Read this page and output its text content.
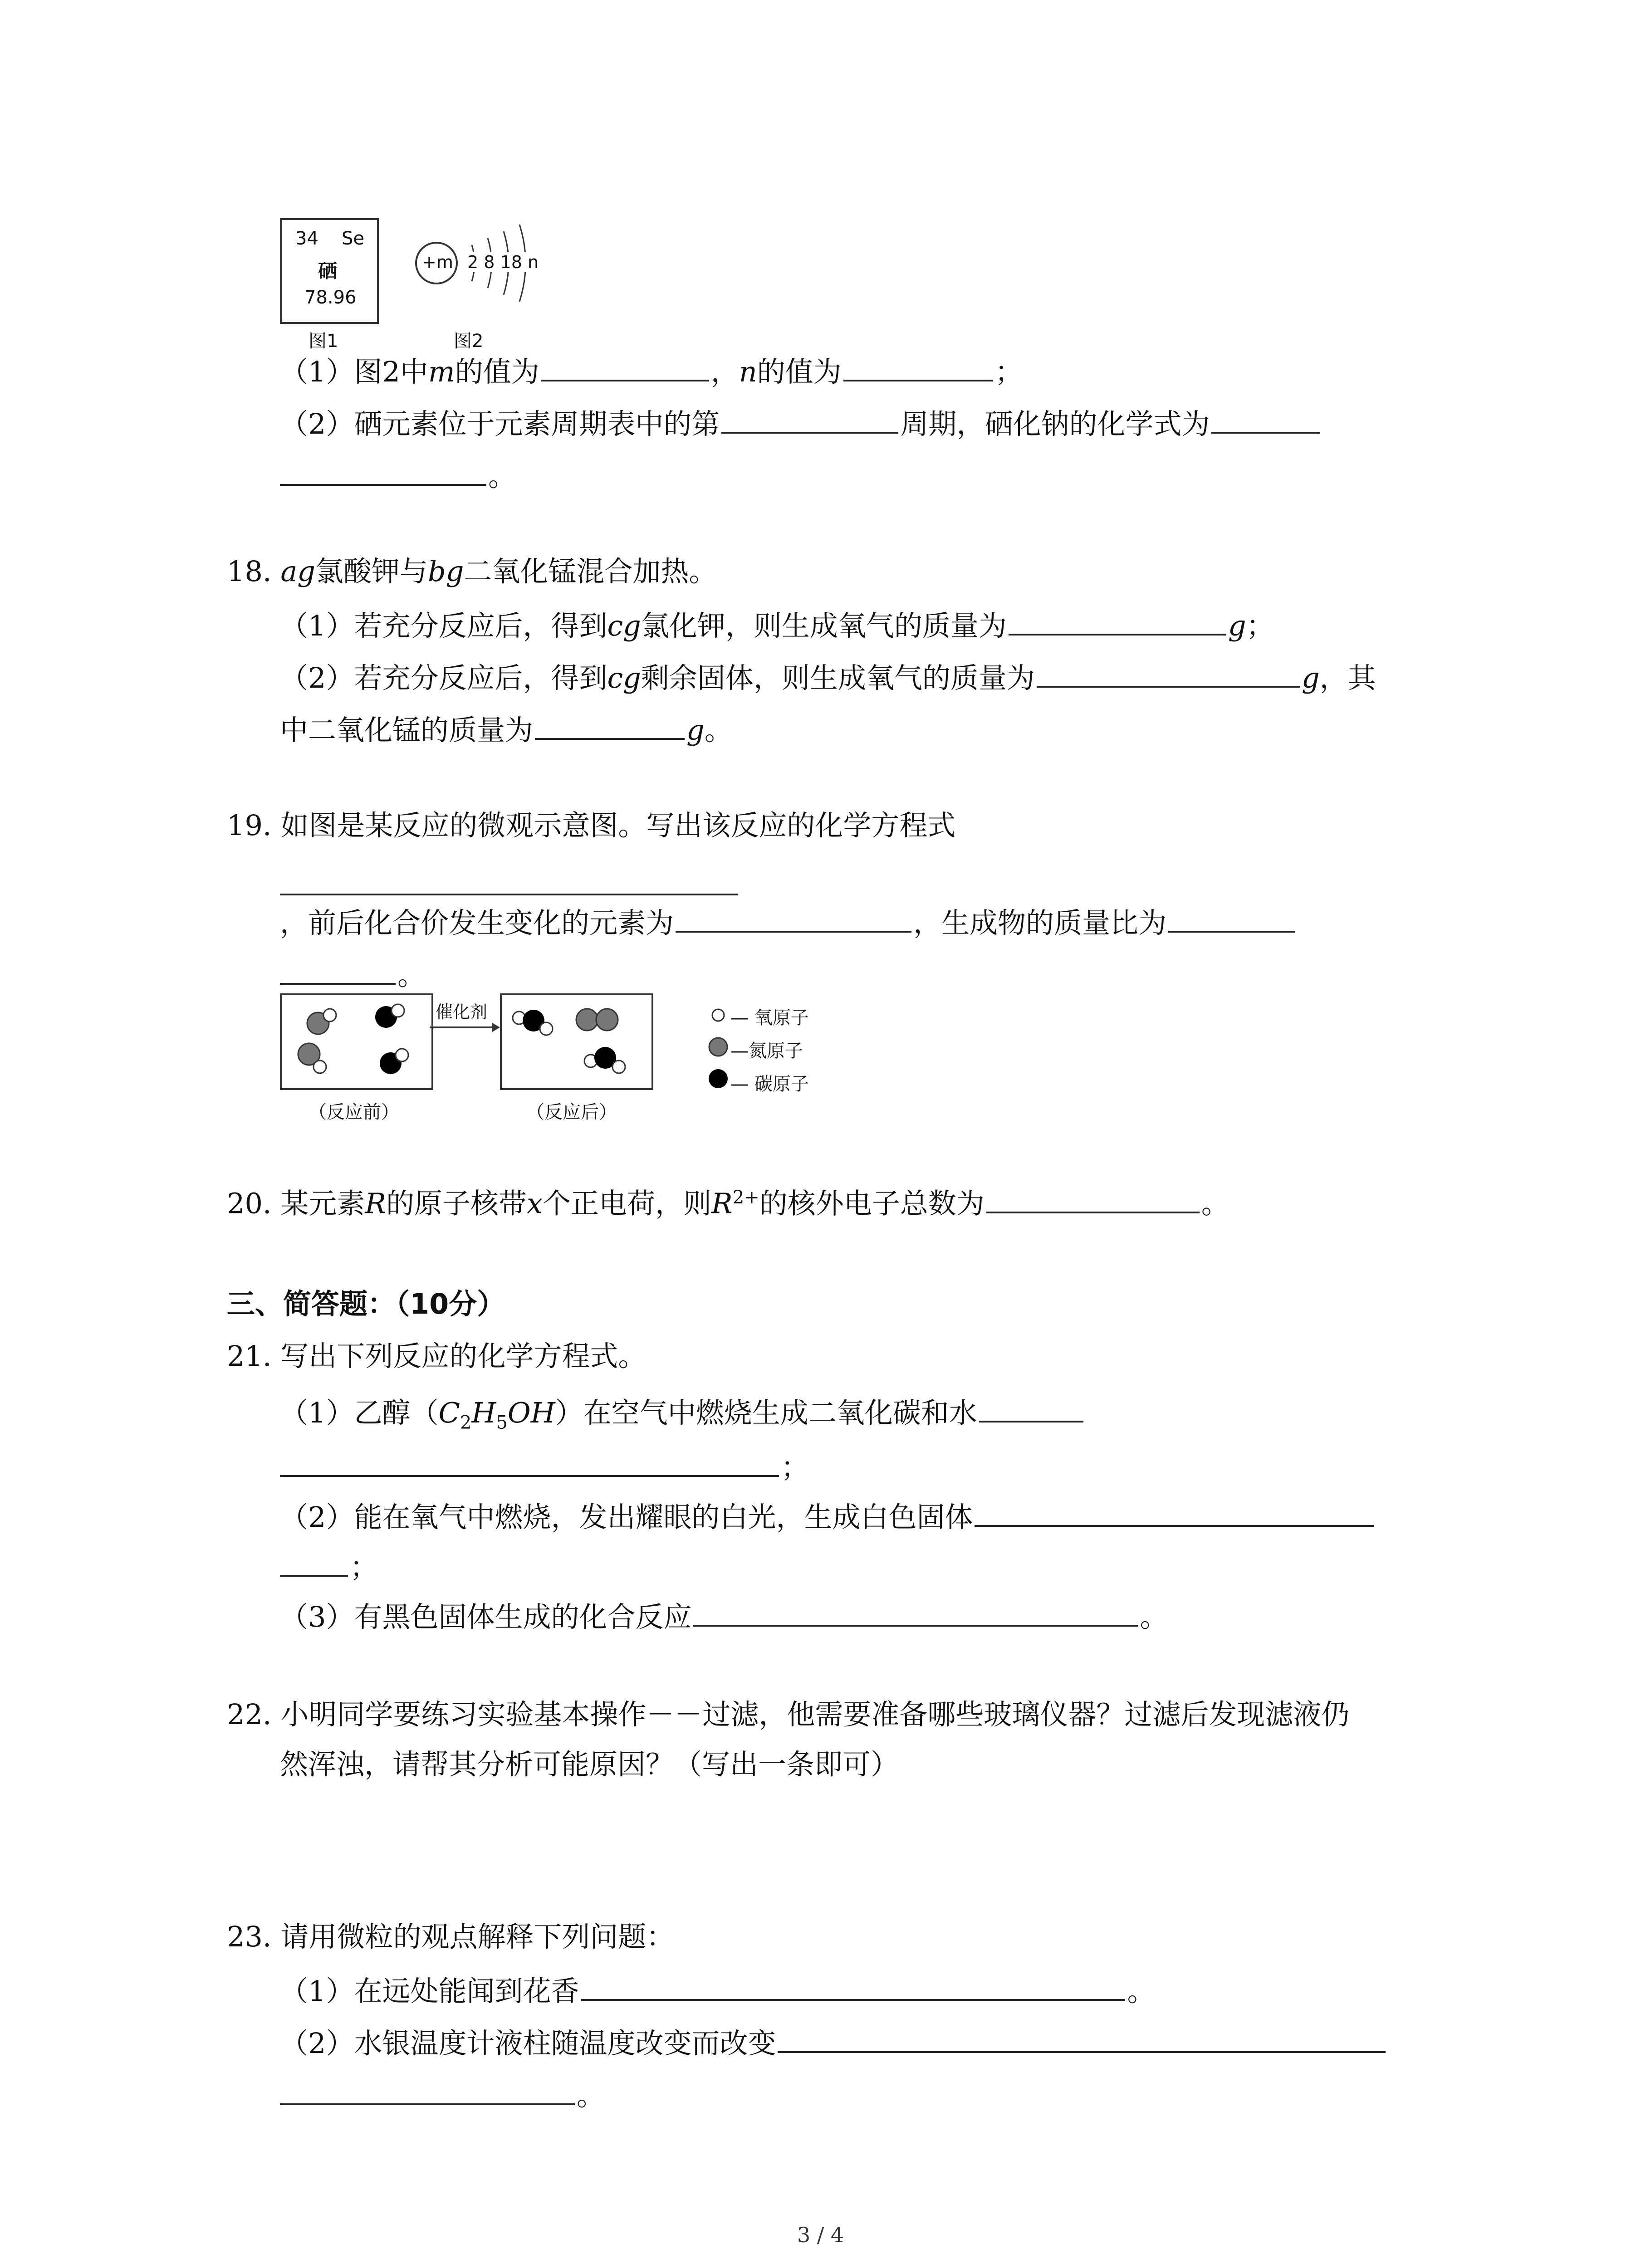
34 Se
硒
78.96
图1
+m 2 8 18 n
图2
（1）图2中m的值为	，n的值为	；
（2）硒元素位于元素周期表中的第	周期，硒化钠的化学式为
。
18. ag氯酸钾与bg二氧化锰混合加热。
（1）若充分反应后，得到cg氯化钾，则生成氧气的质量为	g；
（2）若充分反应后，得到cg剩余固体，则生成氧气的质量为	g，其
中二氧化锰的质量为	g。
19. 如图是某反应的微观示意图。写出该反应的化学方程式
，前后化合价发生变化的元素为	，生成物的质量比为
。
催化剂
（反应前）	（反应后）
— 氧原子
—氮原子
— 碳原子
20. 某元素R的原子核带x个正电荷，则$R^{2+}$的核外电子总数为	。
三、简答题：（10分）
21. 写出下列反应的化学方程式。
（1）乙醇$(C_2H_5OH)$在空气中燃烧生成二氧化碳和水
；
（2）能在氧气中燃烧，发出耀眼的白光，生成白色固体
；
（3）有黑色固体生成的化合反应	。
22. 小明同学要练习实验基本操作－－过滤，他需要准备哪些玻璃仪器？过滤后发现滤液仍
然浑浊，请帮其分析可能原因？（写出一条即可）
23. 请用微粒的观点解释下列问题：
（1）在远处能闻到花香	。
（2）水银温度计液柱随温度改变而改变
。
3 / 4
